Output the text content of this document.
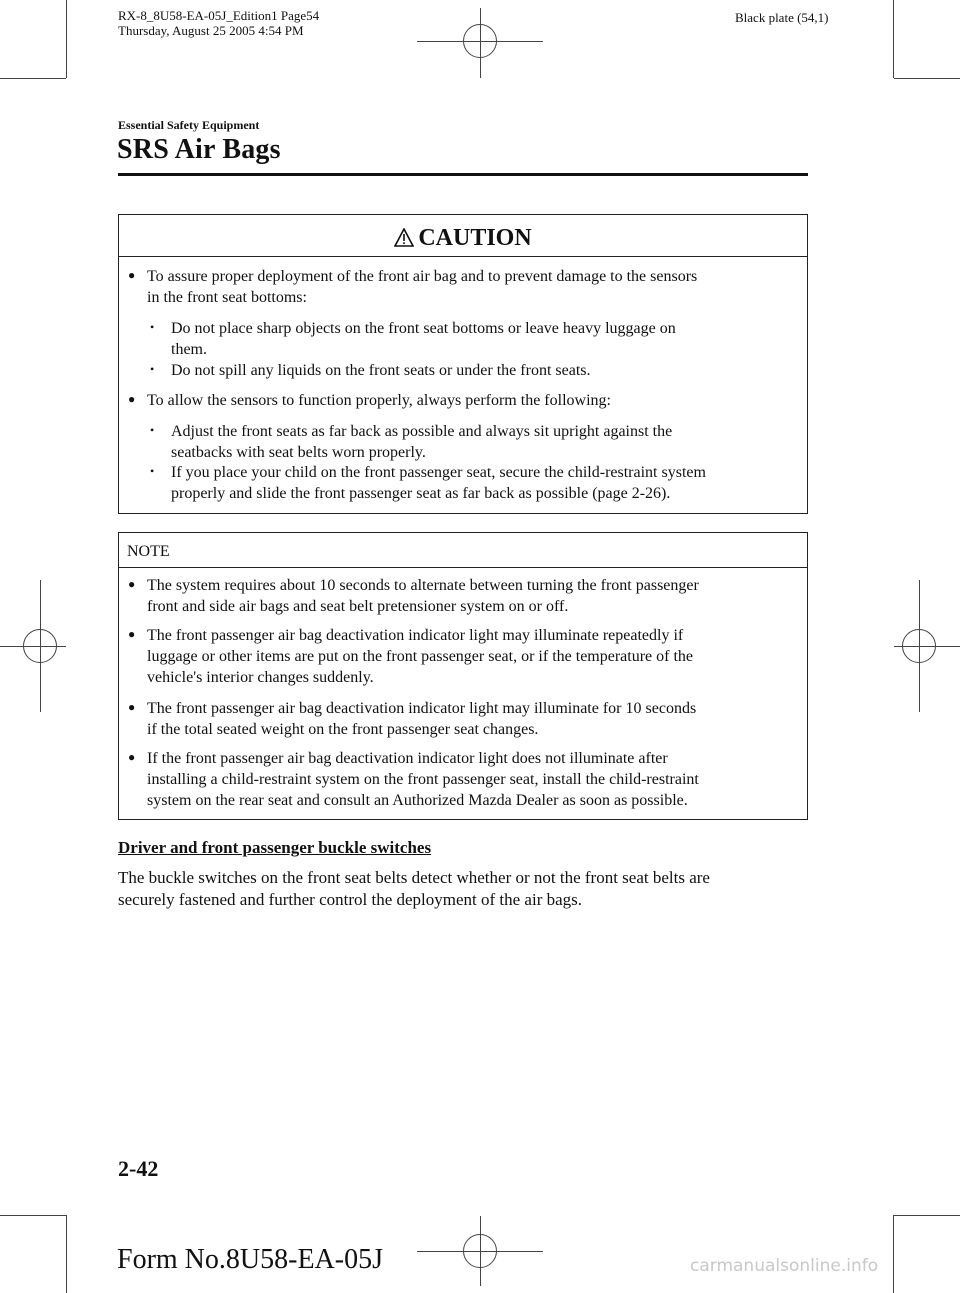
RX-8_8U58-EA-05J_Edition1 Page54
Thursday, August 25 2005 4:54 PM
Black plate (54,1)
Essential Safety Equipment
SRS Air Bags
CAUTION
● To assure proper deployment of the front air bag and to prevent damage to the sensors
in the front seat bottoms:
• Do not place sharp objects on the front seat bottoms or leave heavy luggage on
them.
• Do not spill any liquids on the front seats or under the front seats.
● To allow the sensors to function properly, always perform the following:
• Adjust the front seats as far back as possible and always sit upright against the
seatbacks with seat belts worn properly.
• If you place your child on the front passenger seat, secure the child-restraint system
properly and slide the front passenger seat as far back as possible (page 2-26).
NOTE
● The system requires about 10 seconds to alternate between turning the front passenger
front and side air bags and seat belt pretensioner system on or off.
● The front passenger air bag deactivation indicator light may illuminate repeatedly if
luggage or other items are put on the front passenger seat, or if the temperature of the
vehicle's interior changes suddenly.
● The front passenger air bag deactivation indicator light may illuminate for 10 seconds
if the total seated weight on the front passenger seat changes.
● If the front passenger air bag deactivation indicator light does not illuminate after
installing a child-restraint system on the front passenger seat, install the child-restraint
system on the rear seat and consult an Authorized Mazda Dealer as soon as possible.
Driver and front passenger buckle switches
The buckle switches on the front seat belts detect whether or not the front seat belts are
securely fastened and further control the deployment of the air bags.
2-42
Form No.8U58-EA-05J	carmanualsonline.info
